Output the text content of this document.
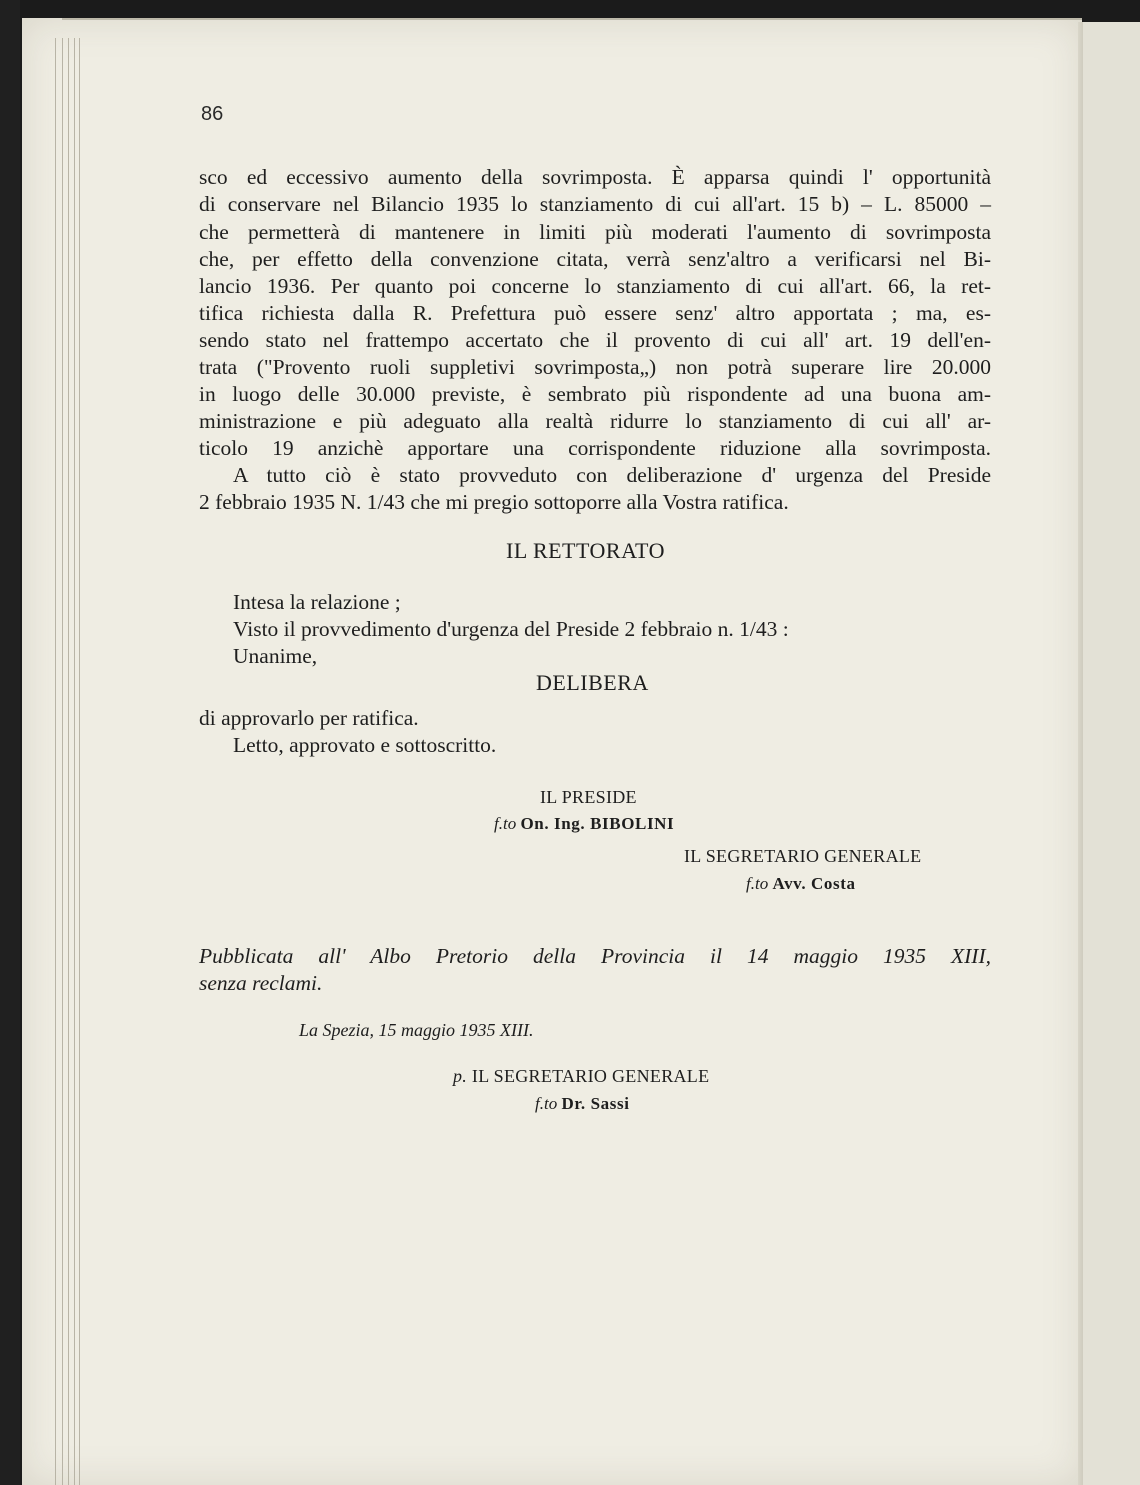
86
sco ed eccessivo aumento della sovrimposta. È apparsa quindi l' opportunità
di conservare nel Bilancio 1935 lo stanziamento di cui all'art. 15 b) – L. 85000 –
che permetterà di mantenere in limiti più moderati l'aumento di sovrimposta
che, per effetto della convenzione citata, verrà senz'altro a verificarsi nel Bi-
lancio 1936. Per quanto poi concerne lo stanziamento di cui all'art. 66, la ret-
tifica richiesta dalla R. Prefettura può essere senz' altro apportata ; ma, es-
sendo stato nel frattempo accertato che il provento di cui all' art. 19 dell'en-
trata ("Provento ruoli suppletivi sovrimposta„) non potrà superare lire 20.000
in luogo delle 30.000 previste, è sembrato più rispondente ad una buona am-
ministrazione e più adeguato alla realtà ridurre lo stanziamento di cui all' ar-
ticolo 19 anzichè apportare una corrispondente riduzione alla sovrimposta.
A tutto ciò è stato provveduto con deliberazione d' urgenza del Preside
2 febbraio 1935 N. 1/43 che mi pregio sottoporre alla Vostra ratifica.
IL RETTORATO
Intesa la relazione ;
Visto il provvedimento d'urgenza del Preside 2 febbraio n. 1/43 :
Unanime,
DELIBERA
di approvarlo per ratifica.
Letto, approvato e sottoscritto.
IL PRESIDE
f.to On. Ing. BIBOLINI
IL SEGRETARIO GENERALE
f.to Avv. Costa
Pubblicata all' Albo Pretorio della Provincia il 14 maggio 1935 XIII,
senza reclami.
La Spezia, 15 maggio 1935 XIII.
p. IL SEGRETARIO GENERALE
f.to Dr. Sassi
